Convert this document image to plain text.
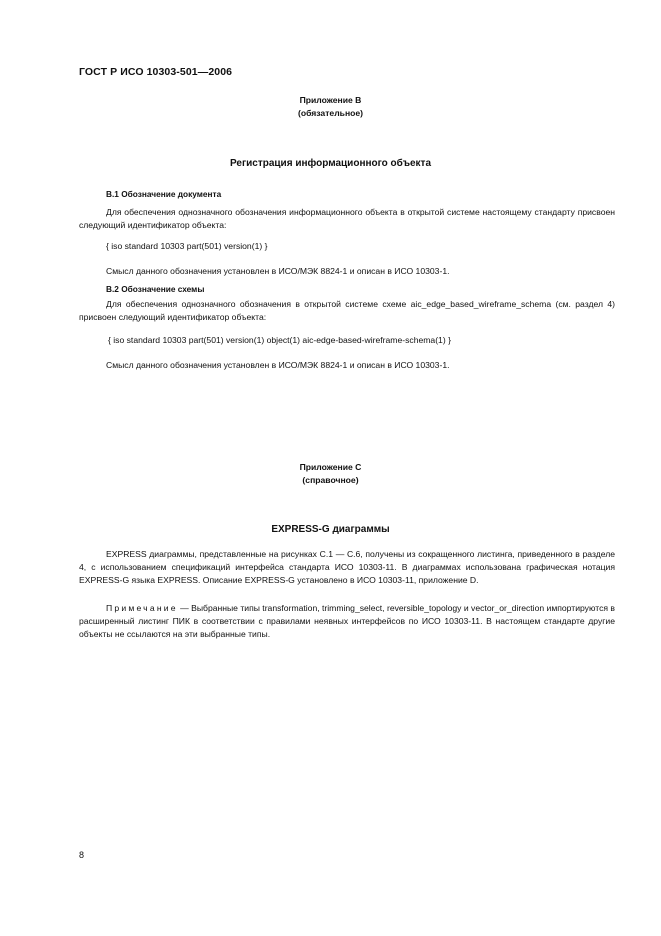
ГОСТ Р ИСО 10303-501—2006
Приложение В
(обязательное)
Регистрация информационного объекта
В.1 Обозначение документа

Для обеспечения однозначного обозначения информационного объекта в открытой системе настоящему стандарту присвоен следующий идентификатор объекта:

{ iso standard 10303 part(501) version(1) }
Смысл данного обозначения установлен в ИСО/МЭК 8824-1 и описан в ИСО 10303-1.
В.2 Обозначение схемы

Для обеспечения однозначного обозначения в открытой системе схеме aic_edge_based_wireframe_schema (см. раздел 4) присвоен следующий идентификатор объекта:

{ iso standard 10303 part(501) version(1) object(1) aic-edge-based-wireframe-schema(1) }
Смысл данного обозначения установлен в ИСО/МЭК 8824-1 и описан в ИСО 10303-1.
Приложение С
(справочное)
EXPRESS-G диаграммы

EXPRESS диаграммы, представленные на рисунках С.1 — С.6, получены из сокращенного листинга, приведенного в разделе 4, с использованием спецификаций интерфейса стандарта ИСО 10303-11. В диаграммах использована графическая нотация EXPRESS-G языка EXPRESS. Описание EXPRESS-G установлено в ИСО 10303-11, приложение D.

Примечание — Выбранные типы transformation, trimming_select, reversible_topology и vector_or_direction импортируются в расширенный листинг ПИК в соответствии с правилами неявных интерфейсов по ИСО 10303-11. В настоящем стандарте другие объекты не ссылаются на эти выбранные типы.

8
